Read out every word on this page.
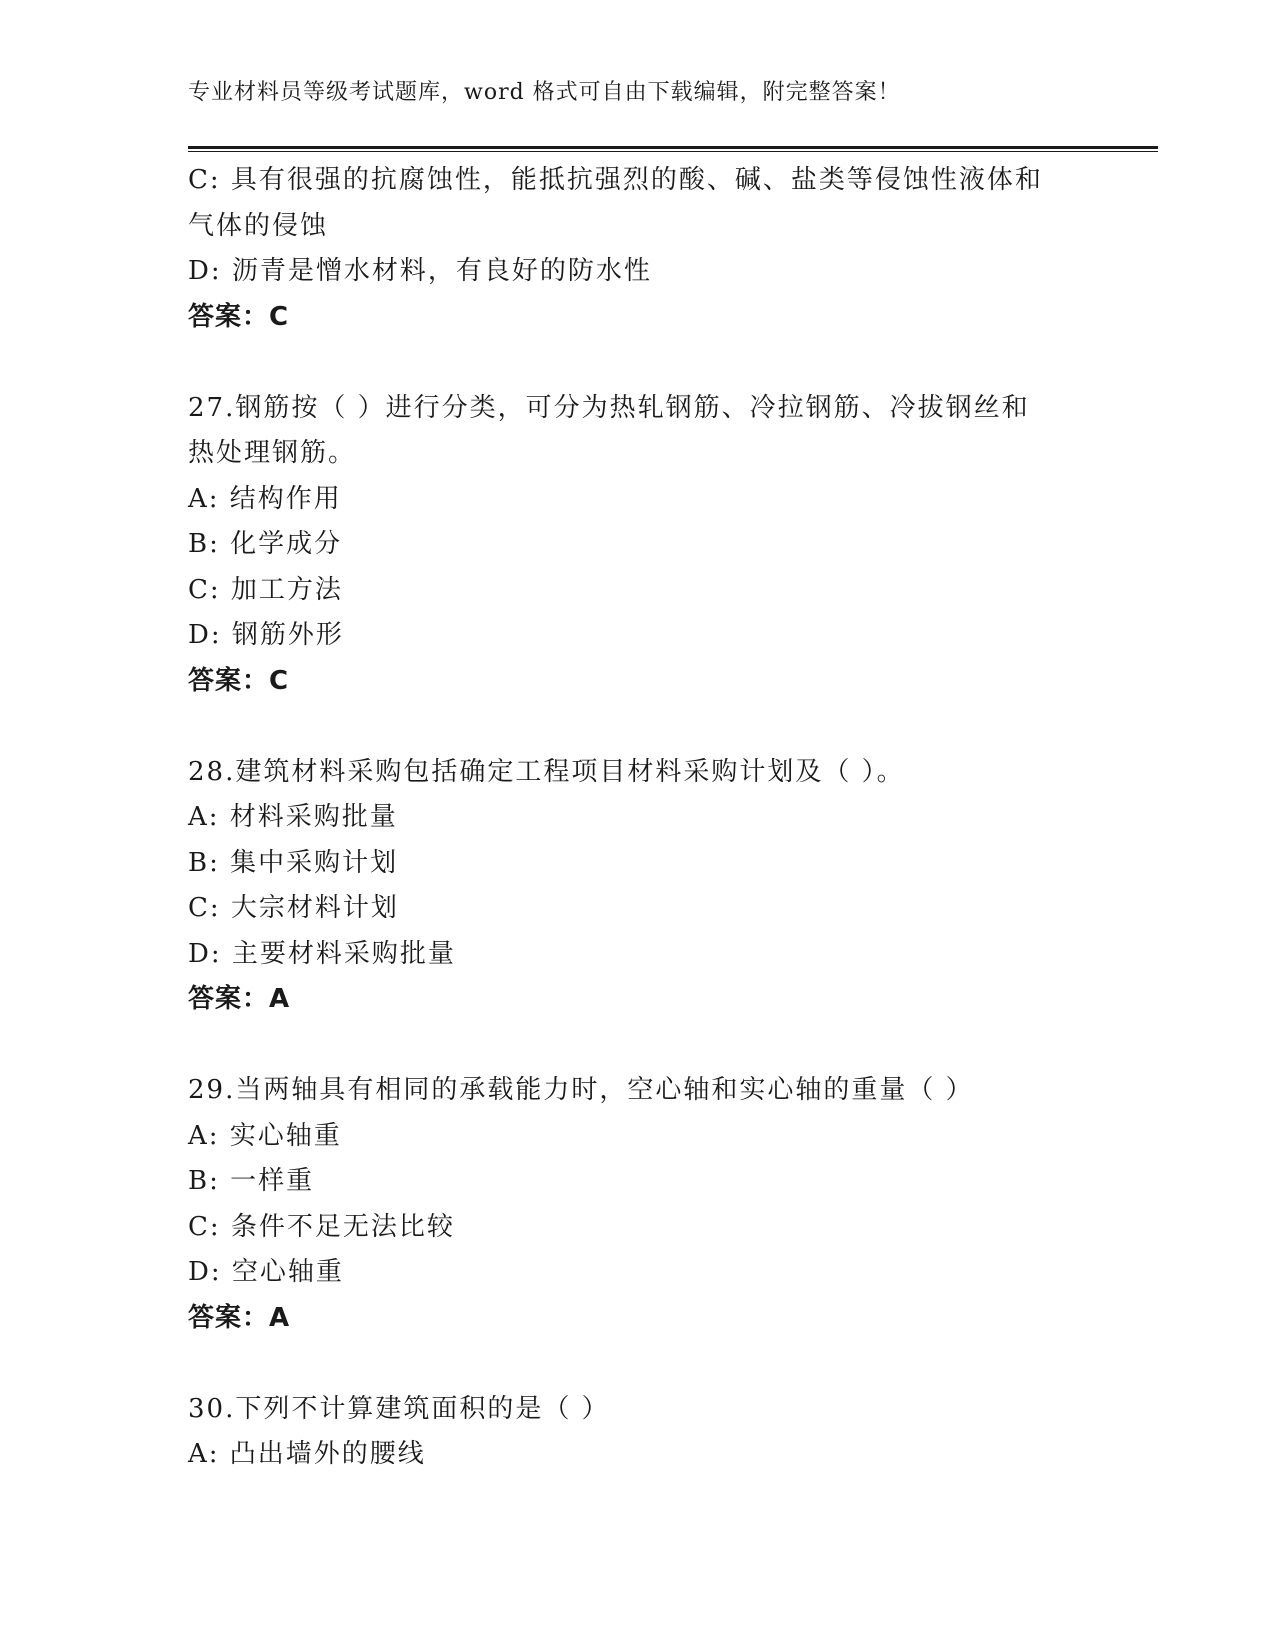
专业材料员等级考试题库，word 格式可自由下载编辑，附完整答案！
C: 具有很强的抗腐蚀性，能抵抗强烈的酸、碱、盐类等侵蚀性液体和
气体的侵蚀
D: 沥青是憎水材料，有良好的防水性
答案：C
27.钢筋按（ ）进行分类，可分为热轧钢筋、冷拉钢筋、冷拔钢丝和
热处理钢筋。
A: 结构作用
B: 化学成分
C: 加工方法
D: 钢筋外形
答案：C
28.建筑材料采购包括确定工程项目材料采购计划及（ ）。
A: 材料采购批量
B: 集中采购计划
C: 大宗材料计划
D: 主要材料采购批量
答案：A
29.当两轴具有相同的承载能力时，空心轴和实心轴的重量（ ）
A: 实心轴重
B: 一样重
C: 条件不足无法比较
D: 空心轴重
答案：A
30.下列不计算建筑面积的是（ ）
A: 凸出墙外的腰线
